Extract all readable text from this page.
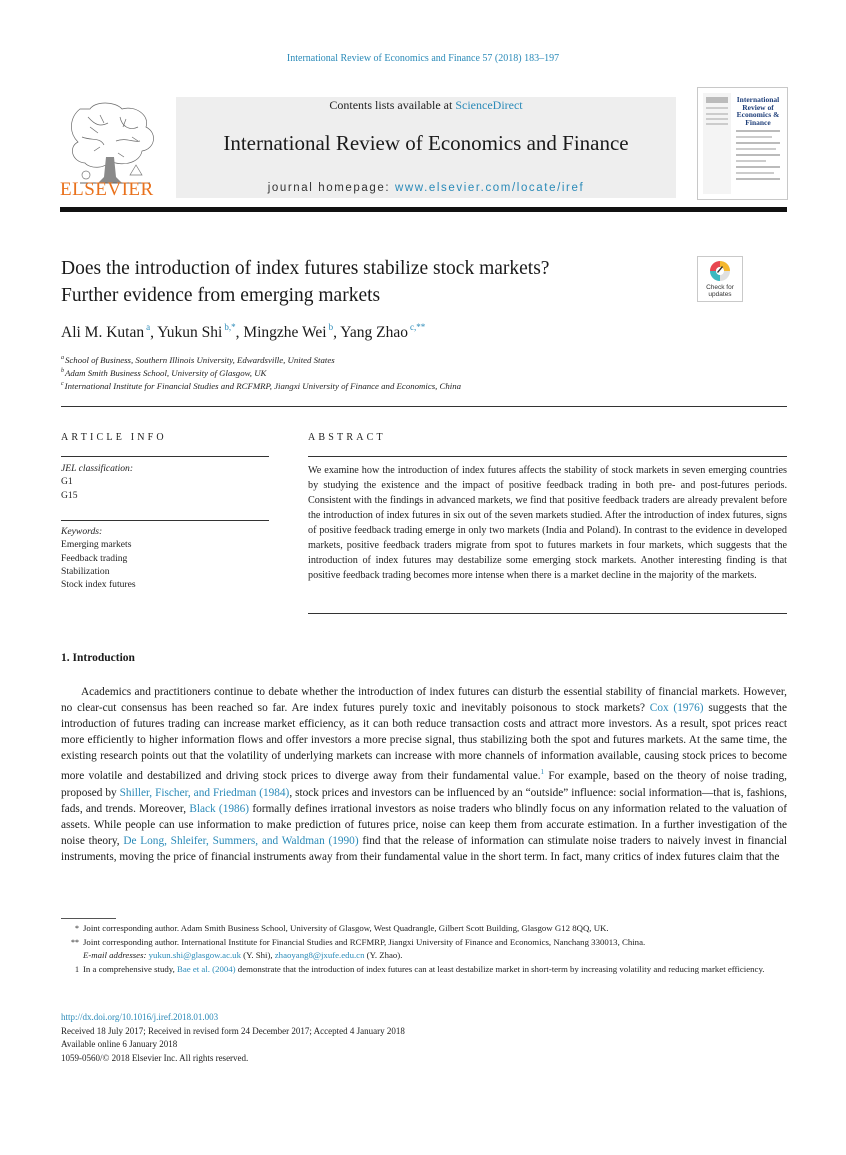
International Review of Economics and Finance 57 (2018) 183–197
ELSEVIER
Contents lists available at ScienceDirect
International Review of Economics and Finance
journal homepage: www.elsevier.com/locate/iref
International Review of Economics & Finance
Does the introduction of index futures stabilize stock markets?
Further evidence from emerging markets	Check for updates
Ali M. Kutan $^a$, Yukun Shi $^{b,*}$, Mingzhe Wei $^b$, Yang Zhao $^{c,**}$
$^a$School of Business, Southern Illinois University, Edwardsville, United States
$^b$Adam Smith Business School, University of Glasgow, UK
$^c$International Institute for Financial Studies and RCFMRP, Jiangxi University of Finance and Economics, China
ARTICLE INFO
JEL classification:
G1
G15
Keywords:
Emerging markets
Feedback trading
Stabilization
Stock index futures
ABSTRACT
We examine how the introduction of index futures affects the stability of stock markets in seven emerging countries by studying the existence and the impact of positive feedback trading in both pre- and post-futures periods. Consistent with the findings in advanced markets, we find that positive feedback traders are already prevalent before the introduction of index futures in six out of the seven markets studied. After the introduction of index futures, signs of positive feedback trading emerge in only two markets (India and Poland). In contrast to the evidence in developed markets, positive feedback traders migrate from spot to futures markets in four markets, which suggests that the introduction of index futures may destabilize some emerging stock markets. Another interesting finding is that positive feedback trading becomes more intense when there is a market decline in the majority of the markets.
1. Introduction

Academics and practitioners continue to debate whether the introduction of index futures can disturb the essential stability of financial markets. However, no clear-cut consensus has been reached so far. Are index futures purely toxic and inevitably poisonous to stock markets? Cox (1976) suggests that the introduction of futures trading can increase market efficiency, as it can both reduce transaction costs and attract more investors. As a result, spot prices react more efficiently to higher information flows and offer investors a more precise signal, thus stabilizing both the spot and futures markets. At the same time, the existing research points out that the volatility of underlying markets can increase with more channels of information available, causing stock prices to become more volatile and destabilized and driving stock prices to diverge away from their fundamental value.$^1$ For example, based on the theory of noise trading, proposed by Shiller, Fischer, and Friedman (1984), stock prices and investors can be influenced by an “outside” influence: social information—that is, fashions, fads, and trends. Moreover, Black (1986) formally defines irrational investors as noise traders who blindly focus on any information related to the valuation of assets. While people can use information to make prediction of futures price, noise can keep them from accurate estimation. In a further investigation of the noise theory, De Long, Shleifer, Summers, and Waldman (1990) find that the release of information can stimulate noise traders to naively invest in financial instruments, moving the price of financial instruments away from their fundamental value in the short term. In fact, many critics of index futures claim that the

* Joint corresponding author. Adam Smith Business School, University of Glasgow, West Quadrangle, Gilbert Scott Building, Glasgow G12 8QQ, UK.
** Joint corresponding author. International Institute for Financial Studies and RCFMRP, Jiangxi University of Finance and Economics, Nanchang 330013, China.
E-mail addresses: yukun.shi@glasgow.ac.uk (Y. Shi), zhaoyang8@jxufe.edu.cn (Y. Zhao).
1 In a comprehensive study, Bae et al. (2004) demonstrate that the introduction of index futures can at least destabilize market in short-term by increasing volatility and reducing market efficiency.
http://dx.doi.org/10.1016/j.iref.2018.01.003
Received 18 July 2017; Received in revised form 24 December 2017; Accepted 4 January 2018
Available online 6 January 2018
1059-0560/© 2018 Elsevier Inc. All rights reserved.
